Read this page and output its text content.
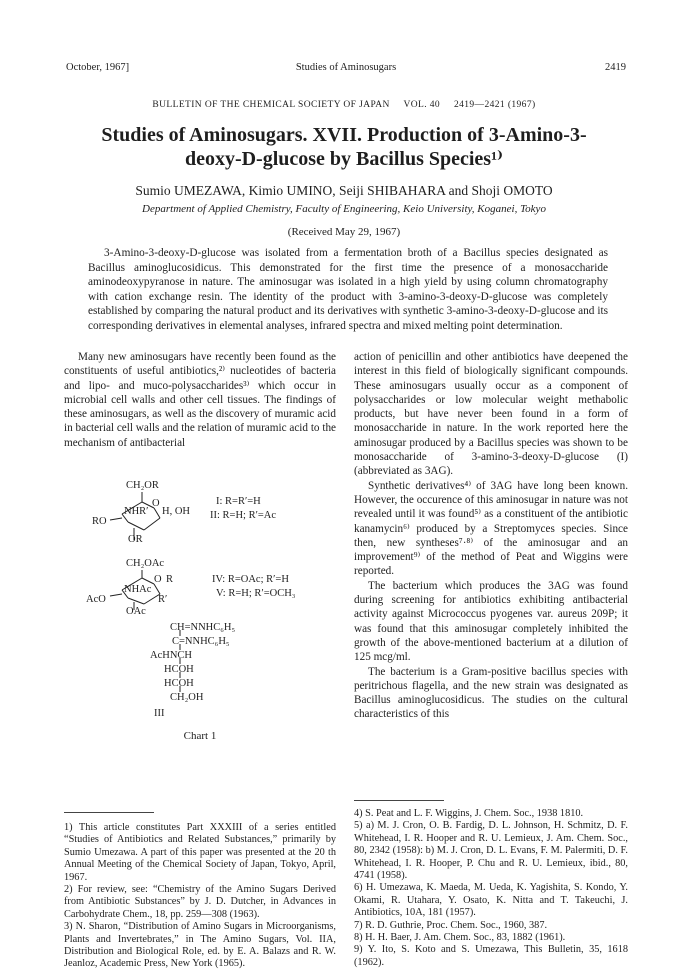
October, 1967]	Studies of Aminosugars	2419
BULLETIN OF THE CHEMICAL SOCIETY OF JAPAN     VOL. 40     2419—2421 (1967)
Studies of Aminosugars. XVII. Production of 3-Amino-3-
deoxy-D-glucose by Bacillus Species¹⁾
Sumio UMEZAWA, Kimio UMINO, Seiji SHIBAHARA and Shoji OMOTO
Department of Applied Chemistry, Faculty of Engineering, Keio University, Koganei, Tokyo
(Received May 29, 1967)

3-Amino-3-deoxy-D-glucose was isolated from a fermentation broth of a Bacillus species designated as Bacillus aminoglucosidicus. This demonstrated for the first time the presence of a monosaccharide aminodeoxypyranose in nature. The aminosugar was isolated in a high yield by using column chromatography with cation exchange resin. The identity of the product with 3-amino-3-deoxy-D-glucose was completely established by comparing the natural product and its derivatives with synthetic 3-amino-3-deoxy-D-glucose and its corresponding derivatives in elemental analyses, infrared spectra and mixed melting point determination.

Many new aminosugars have recently been found as the constituents of useful antibiotics,²⁾ nucleotides of bacteria and lipo- and muco-polysaccharides³⁾ which occur in microbial cell walls and other cell tissues. The findings of these aminosugars, as well as the discovery of muramic acid in bacterial cell walls and the relation of muramic acid to the mechanism of antibacterial

CH₂OR
O
NHR′ H, OH
RO
OR
I: R=R′=H
II: R=H; R′=Ac
CH₂OAc
O R
NHAc
R′
AcO
OAc
IV: R=OAc; R′=H
V: R=H; R′=OCH₃
CH=NNHC₆H₅
C=NNHC₆H₅
AcHNCH
HCOH
HCOH
CH₂OH
III
Chart 1

action of penicillin and other antibiotics have deepened the interest in this field of biologically significant compounds. These aminosugars usually occur as a component of polysaccharides or low molecular weight methabolic products, but have never been found in a form of monosaccharide in nature. In the work reported here the aminosugar produced by a Bacillus species was shown to be monosaccharide of 3-amino-3-deoxy-D-glucose (I) (abbreviated as 3AG).

Synthetic derivatives⁴⁾ of 3AG have long been known. However, the occurence of this aminosugar in nature was not revealed until it was found⁵⁾ as a constituent of the antibiotic kanamycin⁶⁾ produced by a Streptomyces species. Since then, new syntheses⁷·⁸⁾ of the aminosugar and an improvement⁹⁾ of the method of Peat and Wiggins were reported.

The bacterium which produces the 3AG was found during screening for antibiotics exhibiting antibacterial activity against Micrococcus pyogenes var. aureus 209P; it was found that this aminosugar completely inhibited the growth of the above-mentioned bacterium at a dilution of 125 mcg/ml.

The bacterium is a Gram-positive bacillus species with peritrichous flagella, and the new strain was designated as Bacillus aminoglucosidicus. The studies on the cultural characteristics of this

1) This article constitutes Part XXXIII of a series entitled “Studies of Antibiotics and Related Substances,” primarily by Sumio Umezawa. A part of this paper was presented at the 20 th Annual Meeting of the Chemical Society of Japan, Tokyo, April, 1967.

2) For review, see: “Chemistry of the Amino Sugars Derived from Antibiotic Substances” by J. D. Dutcher, in Advances in Carbohydrate Chem., 18, pp. 259—308 (1963).

3) N. Sharon, “Distribution of Amino Sugars in Microorganisms, Plants and Invertebrates,” in The Amino Sugars, Vol. IIA, Distribution and Biological Role, ed. by E. A. Balazs and R. W. Jeanloz, Academic Press, New York (1965).

4) S. Peat and L. F. Wiggins, J. Chem. Soc., 1938 1810.

5) a) M. J. Cron, O. B. Fardig, D. L. Johnson, H. Schmitz, D. F. Whitehead, I. R. Hooper and R. U. Lemieux, J. Am. Chem. Soc., 80, 2342 (1958): b) M. J. Cron, D. L. Evans, F. M. Palermiti, D. F. Whitehead, I. R. Hooper, P. Chu and R. U. Lemieux, ibid., 80, 4741 (1958).

6) H. Umezawa, K. Maeda, M. Ueda, K. Yagishita, S. Kondo, Y. Okami, R. Utahara, Y. Osato, K. Nitta and T. Takeuchi, J. Antibiotics, 10A, 181 (1957).

7) R. D. Guthrie, Proc. Chem. Soc., 1960, 387.

8) H. H. Baer, J. Am. Chem. Soc., 83, 1882 (1961).

9) Y. Ito, S. Koto and S. Umezawa, This Bulletin, 35, 1618 (1962).
